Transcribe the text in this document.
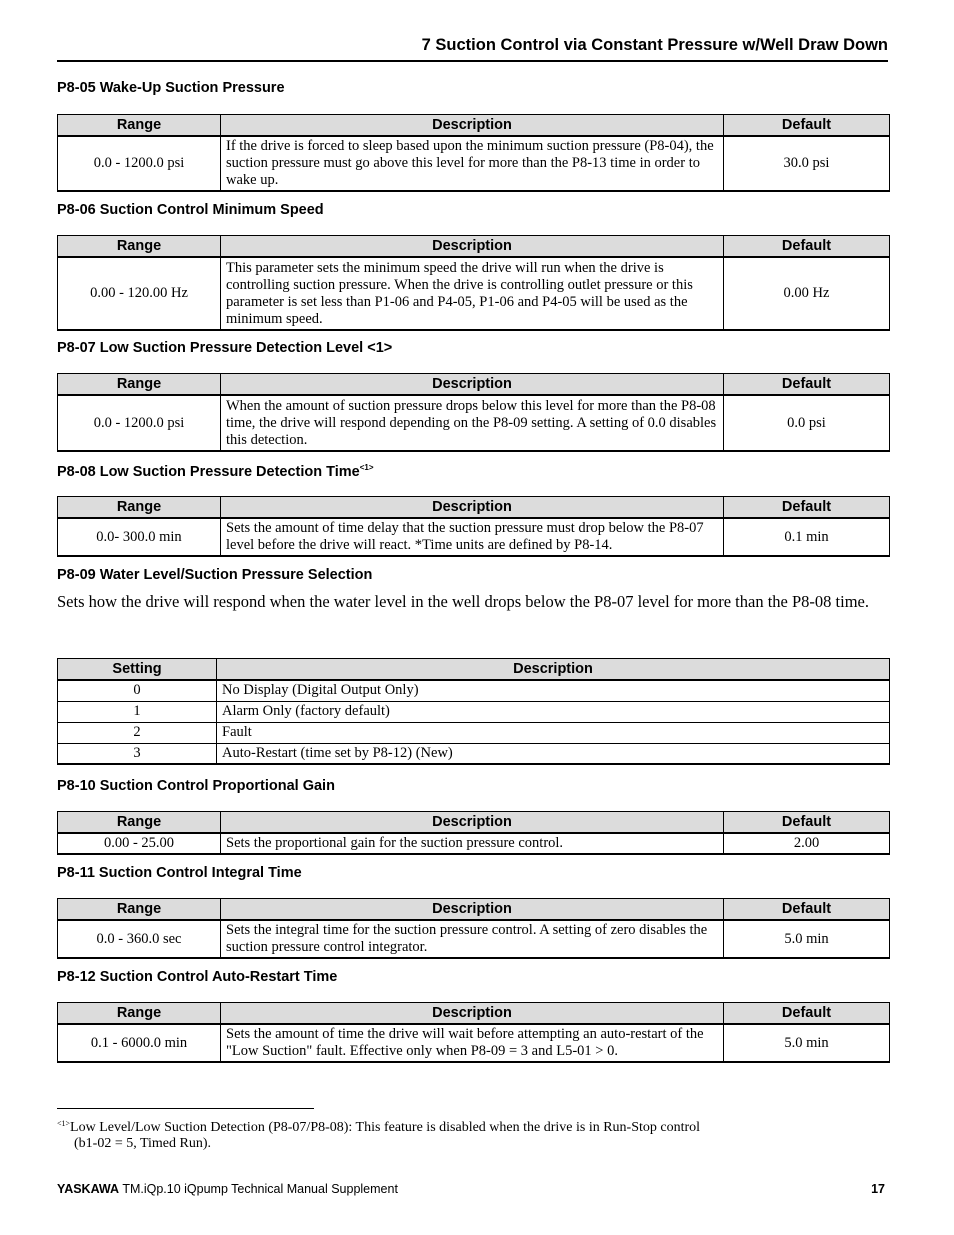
7 Suction Control via Constant Pressure w/Well Draw Down
P8-05 Wake-Up Suction Pressure
Range	Description	Default
0.0 - 1200.0 psi	If the drive is forced to sleep based upon the minimum suction pressure (P8-04), the suction pressure must go above this level for more than the P8-13 time in order to wake up.	30.0 psi
P8-06 Suction Control Minimum Speed
Range	Description	Default
0.00 - 120.00 Hz	This parameter sets the minimum speed the drive will run when the drive is controlling suction pressure. When the drive is controlling outlet pressure or this parameter is set less than P1-06 and P4-05, P1-06 and P4-05 will be used as the minimum speed.	0.00 Hz
P8-07 Low Suction Pressure Detection Level <1>
Range	Description	Default
0.0 - 1200.0 psi	When the amount of suction pressure drops below this level for more than the P8-08 time, the drive will respond depending on the P8-09 setting. A setting of 0.0 disables this detection.	0.0 psi
P8-08 Low Suction Pressure Detection Time$^{<1>}$
Range	Description	Default
0.0- 300.0 min	Sets the amount of time delay that the suction pressure must drop below the P8-07 level before the drive will react. *Time units are defined by P8-14.	0.1 min
P8-09 Water Level/Suction Pressure Selection
Sets how the drive will respond when the water level in the well drops below the P8-07 level for more than the P8-08 time.
Setting	Description
0	No Display (Digital Output Only)
1	Alarm Only (factory default)
2	Fault
3	Auto-Restart (time set by P8-12) (New)
P8-10 Suction Control Proportional Gain
Range	Description	Default
0.00 - 25.00	Sets the proportional gain for the suction pressure control.	2.00
P8-11 Suction Control Integral Time
Range	Description	Default
0.0 - 360.0 sec	Sets the integral time for the suction pressure control. A setting of zero disables the suction pressure control integrator.	5.0 min
P8-12 Suction Control Auto-Restart Time
Range	Description	Default
0.1 - 6000.0 min	Sets the amount of time the drive will wait before attempting an auto-restart of the "Low Suction" fault. Effective only when P8-09 = 3 and L5-01 > 0.	5.0 min
$^{<1>}$Low Level/Low Suction Detection (P8-07/P8-08): This feature is disabled when the drive is in Run-Stop control
(b1-02 = 5, Timed Run).
YASKAWA TM.iQp.10 iQpump Technical Manual Supplement	17
